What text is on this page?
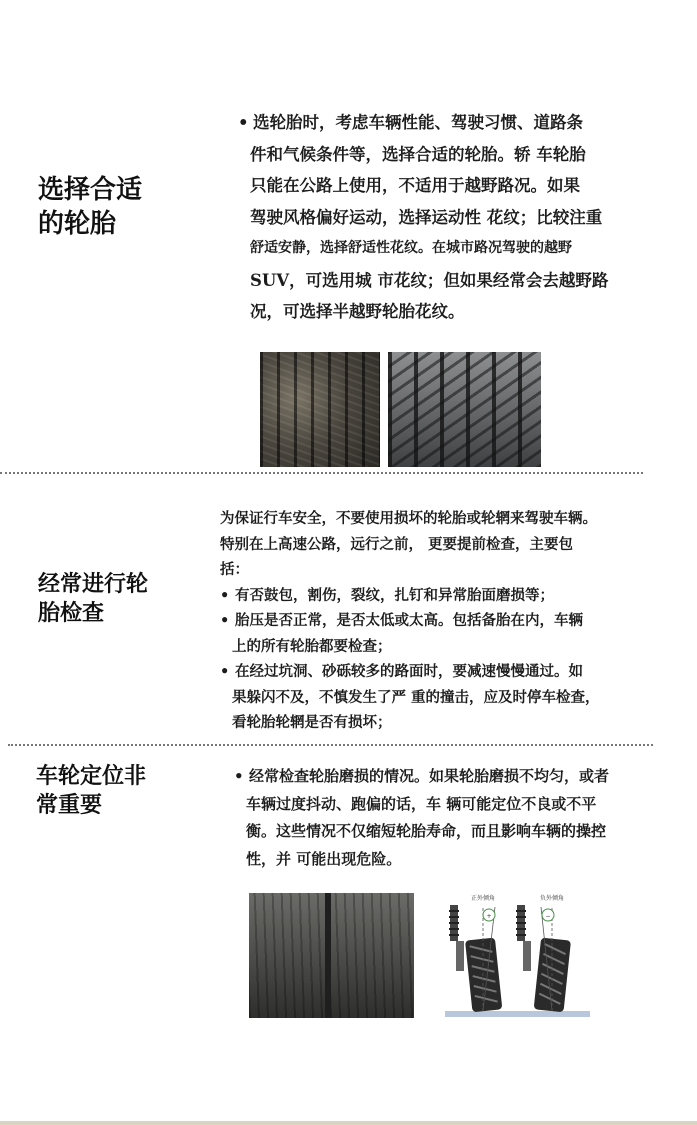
选择合适
的轮胎
• 选轮胎时，考虑车辆性能、驾驶习惯、道路条
件和气候条件等，选择合适的轮胎。轿 车轮胎
只能在公路上使用，不适用于越野路况。如果
驾驶风格偏好运动，选择运动性 花纹；比较注重
舒适安静，选择舒适性花纹。在城市路况驾驶的越野
SUV，可选用城 市花纹；但如果经常会去越野路
况，可选择半越野轮胎花纹。
经常进行轮
胎检查
为保证行车安全，不要使用损坏的轮胎或轮辋来驾驶车辆。
特别在上高速公路，远行之前， 更要提前检查，主要包
括：
• 有否鼓包，割伤，裂纹，扎钉和异常胎面磨损等；
• 胎压是否正常，是否太低或太高。包括备胎在内，车辆
上的所有轮胎都要检查；
• 在经过坑洞、砂砾较多的路面时，要减速慢慢通过。如
果躲闪不及，不慎发生了严 重的撞击，应及时停车检查，
看轮胎轮辋是否有损坏；
车轮定位非
常重要
• 经常检查轮胎磨损的情况。如果轮胎磨损不均匀，或者
车辆过度抖动、跑偏的话，车 辆可能定位不良或不平
衡。这些情况不仅缩短轮胎寿命，而且影响车辆的操控
性，并 可能出现危险。
+
正外倾角
−
负外倾角
